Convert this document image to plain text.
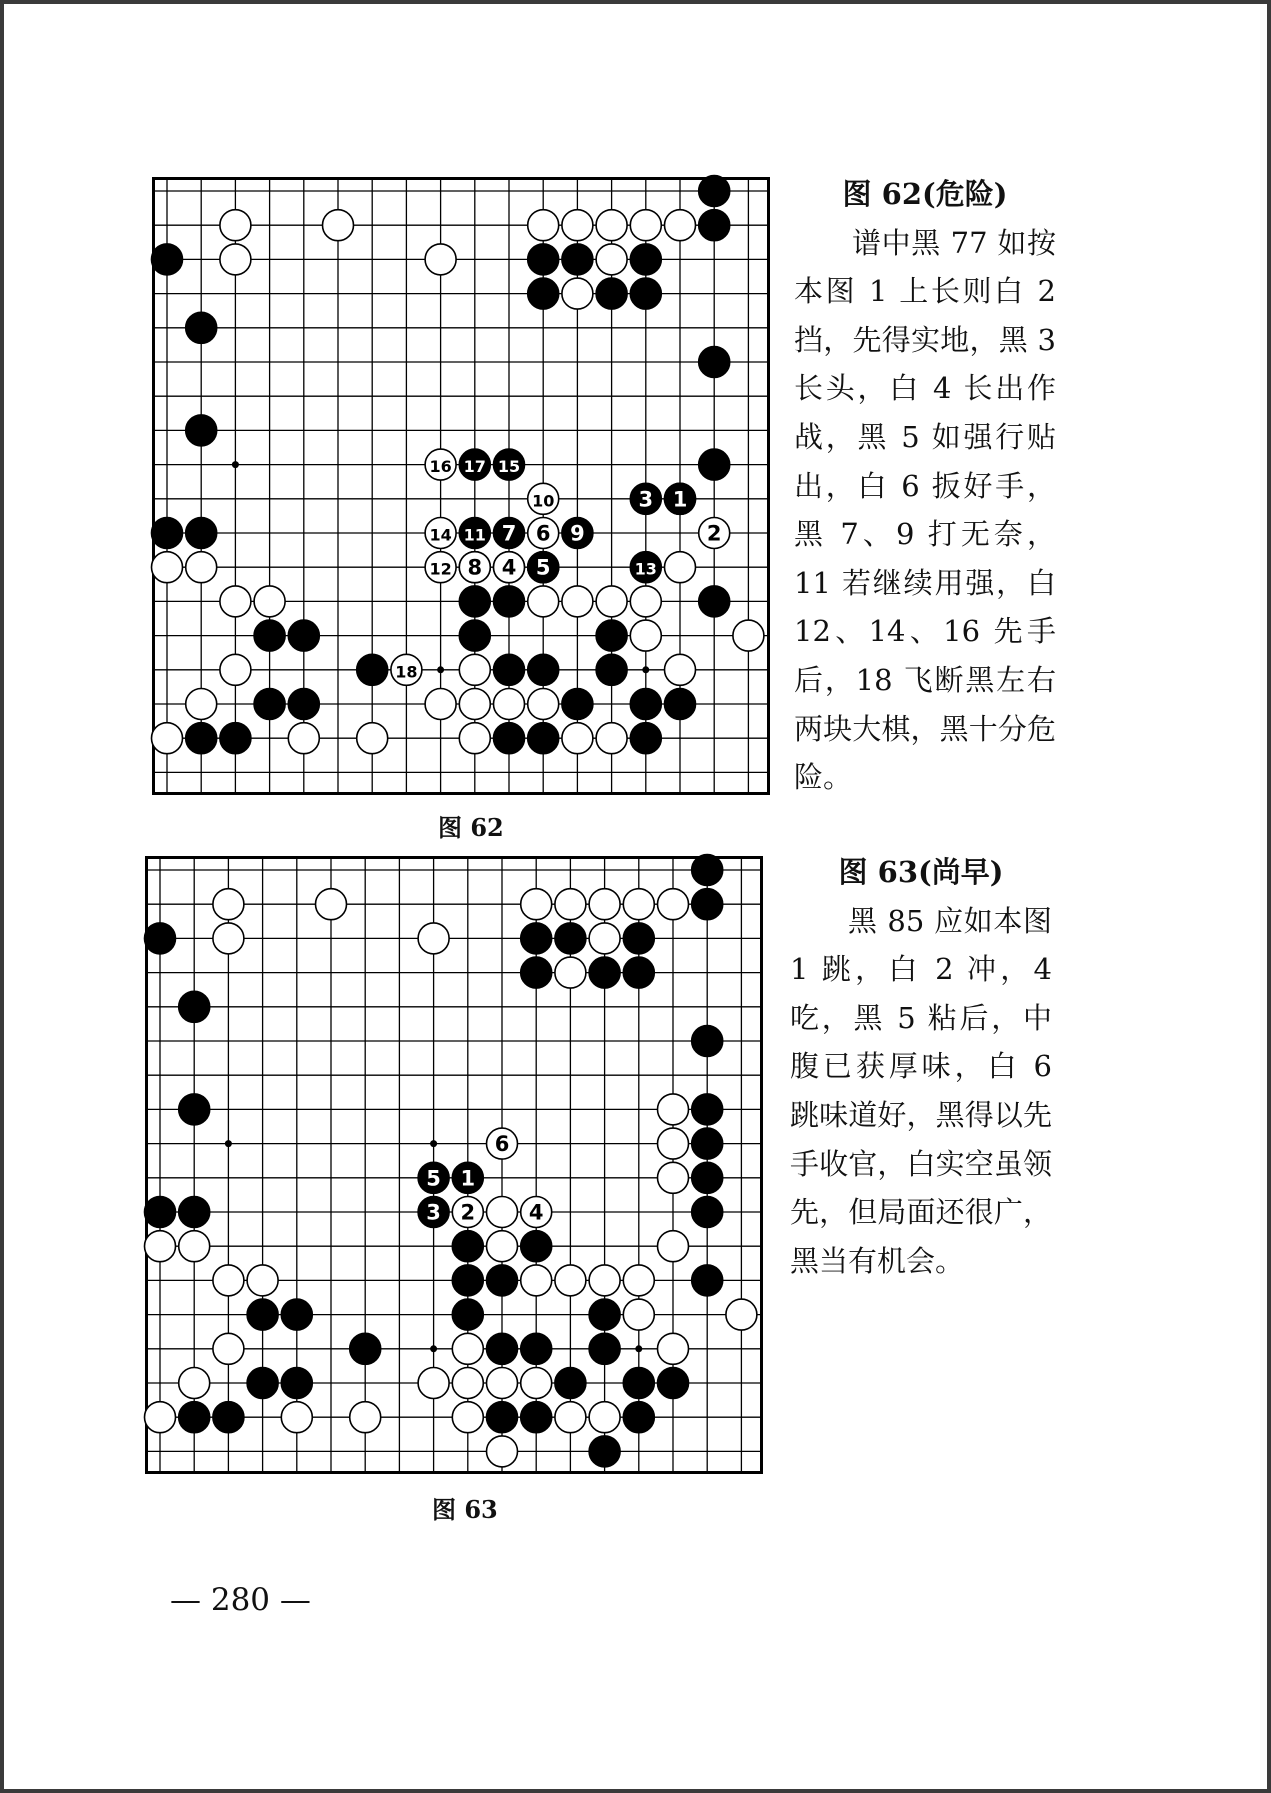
1
2
3
4 5
6
7
8
9
10
11
12	13
14
15
16 17
18
图 62
图 62(危险)

谱中黑 77 如按本图 1 上长则白 2 挡，先得实地，黑 3 长头，白 4 长出作战，黑 5 如强行贴出，白 6 扳好手，黑 7、9 打无奈，11 若继续用强，白 12、14、16 先手后，18 飞断黑左右两块大棋，黑十分危险。

1
2
3	4
5
6
图 63
图 63(尚早)

黑 85 应如本图 1 跳，白 2 冲，4 吃，黑 5 粘后，中腹已获厚味，白 6 跳味道好，黑得以先手收官，白实空虽领先，但局面还很广，黑当有机会。

— 280 —
